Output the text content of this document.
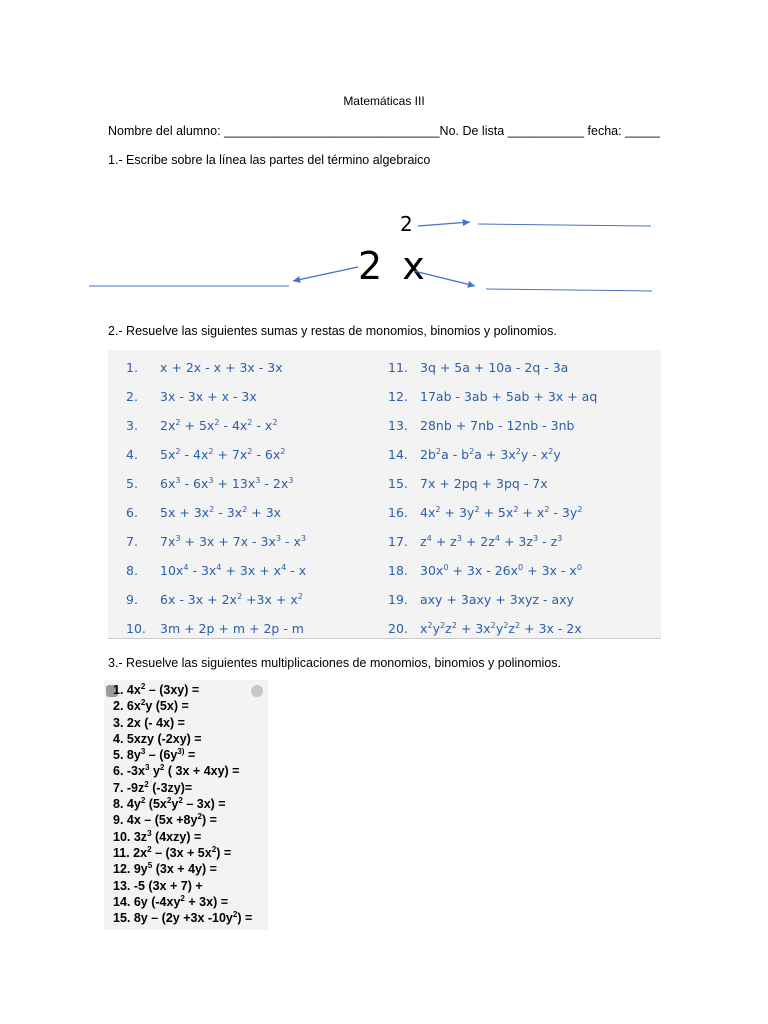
Matemáticas III
Nombre del alumno: _______________________________No. De lista ___________ fecha: _____
1.- Escribe sobre la línea las partes del término algebraico
2
2 x
2.- Resuelve las siguientes sumas y restas de monomios, binomios y polinomios.
1. x + 2x - x + 3x - 3x
2. 3x - 3x + x - 3x
3. $2x^2 + 5x^2 - 4x^2 - x^2$
4. $5x^2 - 4x^2 + 7x^2 - 6x^2$
5. $6x^3 - 6x^3 + 13x^3 - 2x^3$
6. $5x + 3x^2 - 3x^2 + 3x$
7. $7x^3 + 3x + 7x - 3x^3 - x^3$
8. $10x^4 - 3x^4 + 3x + x^4 - x$
9. $6x - 3x + 2x^2 +3x + x^2$
10. 3m + 2p + m + 2p - m
11. 3q + 5a + 10a - 2q - 3a
12. 17ab - 3ab + 5ab + 3x + aq
13. 28nb + 7nb - 12nb - 3nb
14. $2b^2a - b^2a + 3x^2y - x^2y$
15. 7x + 2pq + 3pq - 7x
16. $4x^2 + 3y^2 + 5x^2 + x^2 - 3y^2$
17. $z^4 + z^3 + 2z^4 + 3z^3 - z^3$
18. $30x^0 + 3x - 26x^0 + 3x - x^0$
19. axy + 3axy + 3xyz - axy
20. $x^2y^2z^2 + 3x^2y^2z^2 + 3x - 2x$
3.- Resuelve las siguientes multiplicaciones de monomios, binomios y polinomios.
1. $4x^2 - (3xy)$ =
2. $6x^2y$ (5x) =
3. 2x (- 4x) =
4. 5xzy (-2xy) =
5. $8y^3 - (6y^{3)}$ =
6. $-3x^3$ $y^2$ ( 3x + 4xy) =
7. $-9z^2$ (-3zy)=
8. $4y^2$ $(5x^2y^2 - 3x)$ =
9. $4x - (5x +8y^2)$ =
10. $3z^3$ (4xzy) =
11. $2x^2 - (3x + 5x^2)$ =
12. $9y^5$ (3x + 4y) =
13. -5 (3x + 7) +
14. 6y $(-4xy^2 + 3x)$ =
15. 8y – (2y +3x $-10y^2$) =
